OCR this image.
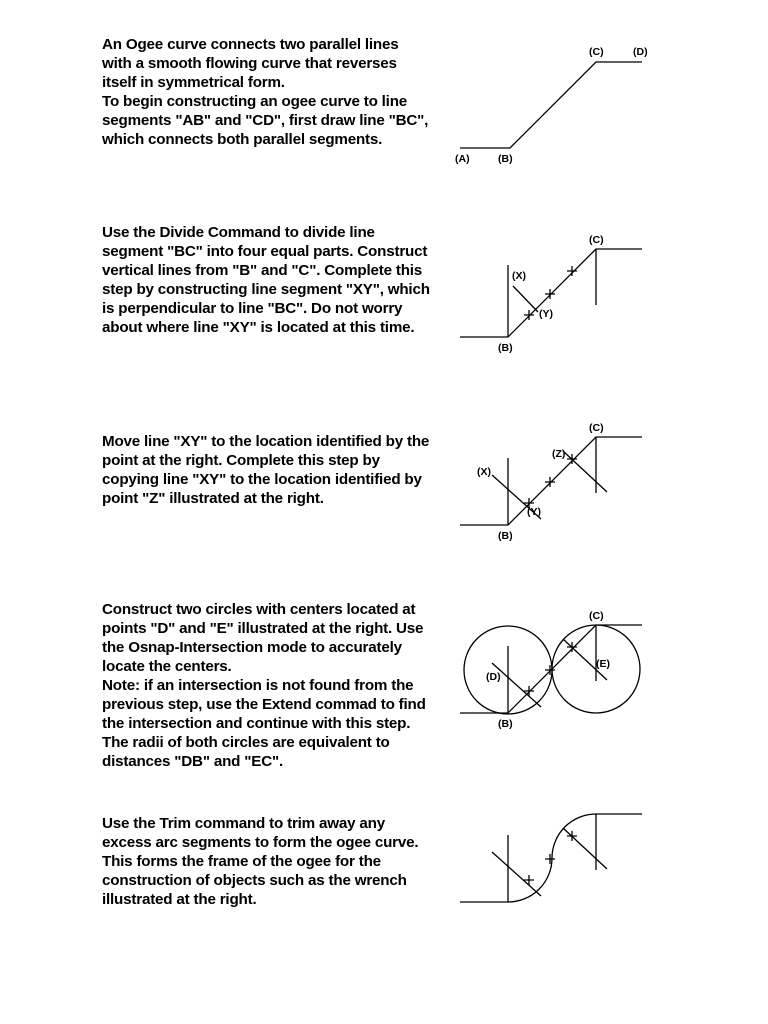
An Ogee curve connects two parallel lines with a smooth flowing curve that reverses itself in symmetrical form.

To begin constructing an ogee curve to line segments "AB" and "CD", first draw line "BC", which connects both parallel segments.

(A)	(B)
(C)	(D)

Use the Divide Command to divide line segment "BC" into four equal parts. Construct vertical lines from "B" and "C". Complete this step by constructing line segment "XY", which is perpendicular to line "BC". Do not worry about where line "XY" is located at this time.

(X)
(Y)
(B)
(C)

Move line "XY" to the location identified by the point at the right. Complete this step by copying line "XY" to the location identified by point "Z" illustrated at the right.

(X)
(Y)
(Z)
(B)
(C)

Construct two circles with centers located at points "D" and "E" illustrated at the right. Use the Osnap-Intersection mode to accurately locate the centers.

Note: if an intersection is not found from the previous step, use the Extend commad to find the intersection and continue with this step. The radii of both circles are equivalent to distances "DB" and "EC".

(D)
(E)
(B)
(C)

Use the Trim command to trim away any excess arc segments to form the ogee curve. This forms the frame of the ogee for the construction of objects such as the wrench illustrated at the right.
